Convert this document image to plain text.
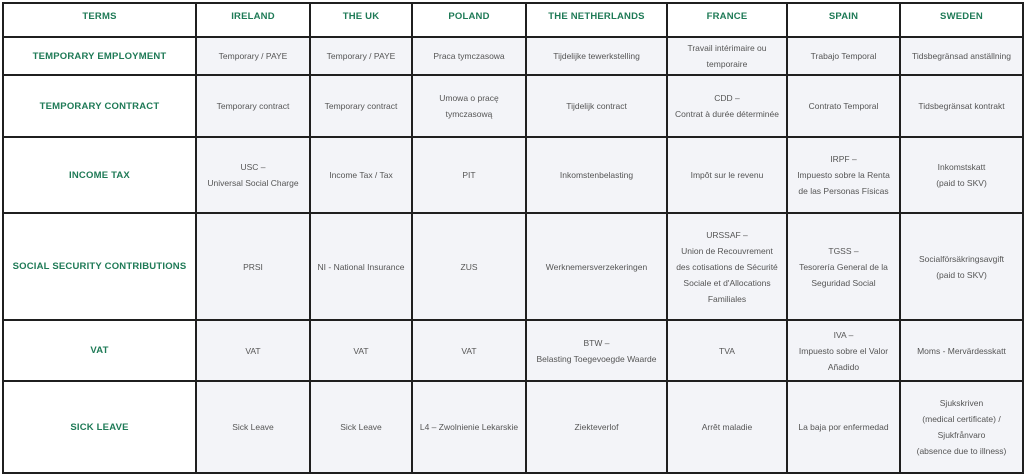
TERMS	IRELAND	THE UK	POLAND	THE NETHERLANDS	FRANCE	SPAIN	SWEDEN
TEMPORARY EMPLOYMENT	Temporary / PAYE	Temporary / PAYE	Praca tymczasowa	Tijdelijke tewerkstelling	Travail intérimaire ou
temporaire	Trabajo Temporal	Tidsbegränsad anställning

TEMPORARY CONTRACT	Temporary contract	Temporary contract	Umowa o pracę
tymczasową	Tijdelijk contract	CDD –
Contrat à durée déterminée	Contrato Temporal	Tidsbegränsat kontrakt

INCOME TAX	USC –
Universal Social Charge	Income Tax / Tax	PIT	Inkomstenbelasting	Impôt sur le revenu	IRPF –
Impuesto sobre la Renta
de las Personas Físicas	Inkomstskatt
(paid to SKV)

SOCIAL SECURITY CONTRIBUTIONS	PRSI	NI - National Insurance	ZUS	Werknemersverzekeringen	URSSAF –
Union de Recouvrement
des cotisations de Sécurité
Sociale et d'Allocations
Familiales	TGSS –
Tesorería General de la
Seguridad Social	Socialförsäkringsavgift
(paid to SKV)

VAT	VAT	VAT	VAT	BTW –
Belasting Toegevoegde Waarde	TVA	IVA –
Impuesto sobre el Valor
Añadido	Moms - Mervärdesskatt

SICK LEAVE	Sick Leave	Sick Leave	L4 – Zwolnienie Lekarskie	Ziekteverlof	Arrêt maladie	La baja por enfermedad	Sjukskriven
(medical certificate) /
Sjukfrånvaro
(absence due to illness)
